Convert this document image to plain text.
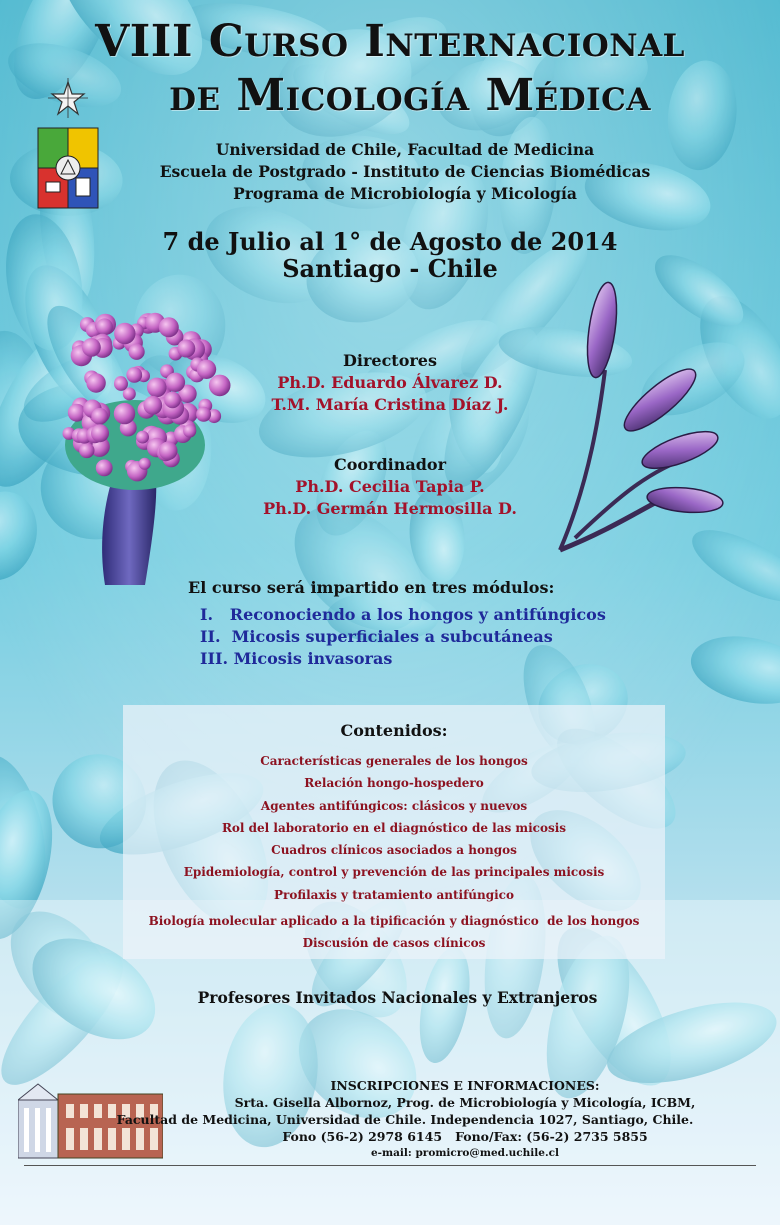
VIII Curso Internacional
de Micología Médica
Universidad de Chile, Facultad de Medicina
Escuela de Postgrado - Instituto de Ciencias Biomédicas
Programa de Microbiología y Micología
7 de Julio al 1° de Agosto de 2014
Santiago - Chile
Directores
Ph.D. Eduardo Álvarez D.
T.M. María Cristina Díaz J.
Coordinador
Ph.D. Cecilia Tapia P.
Ph.D. Germán Hermosilla D.
El curso será impartido en tres módulos:
I.   Reconociendo a los hongos y antifúngicos
II.  Micosis superficiales a subcutáneas
III. Micosis invasoras
Contenidos:
Características generales de los hongos
Relación hongo-hospedero
Agentes antifúngicos: clásicos y nuevos
Rol del laboratorio en el diagnóstico de las micosis
Cuadros clínicos asociados a hongos
Epidemiología, control y prevención de las principales micosis
Profilaxis y tratamiento antifúngico
Biología molecular aplicado a la tipificación y diagnóstico  de los hongos
Discusión de casos clínicos
Profesores Invitados Nacionales y Extranjeros
INSCRIPCIONES E INFORMACIONES:
Srta. Gisella Albornoz, Prog. de Microbiología y Micología, ICBM,
Facultad de Medicina, Universidad de Chile. Independencia 1027, Santiago, Chile.
Fono (56-2) 2978 6145   Fono/Fax: (56-2) 2735 5855
e-mail: promicro@med.uchile.cl
